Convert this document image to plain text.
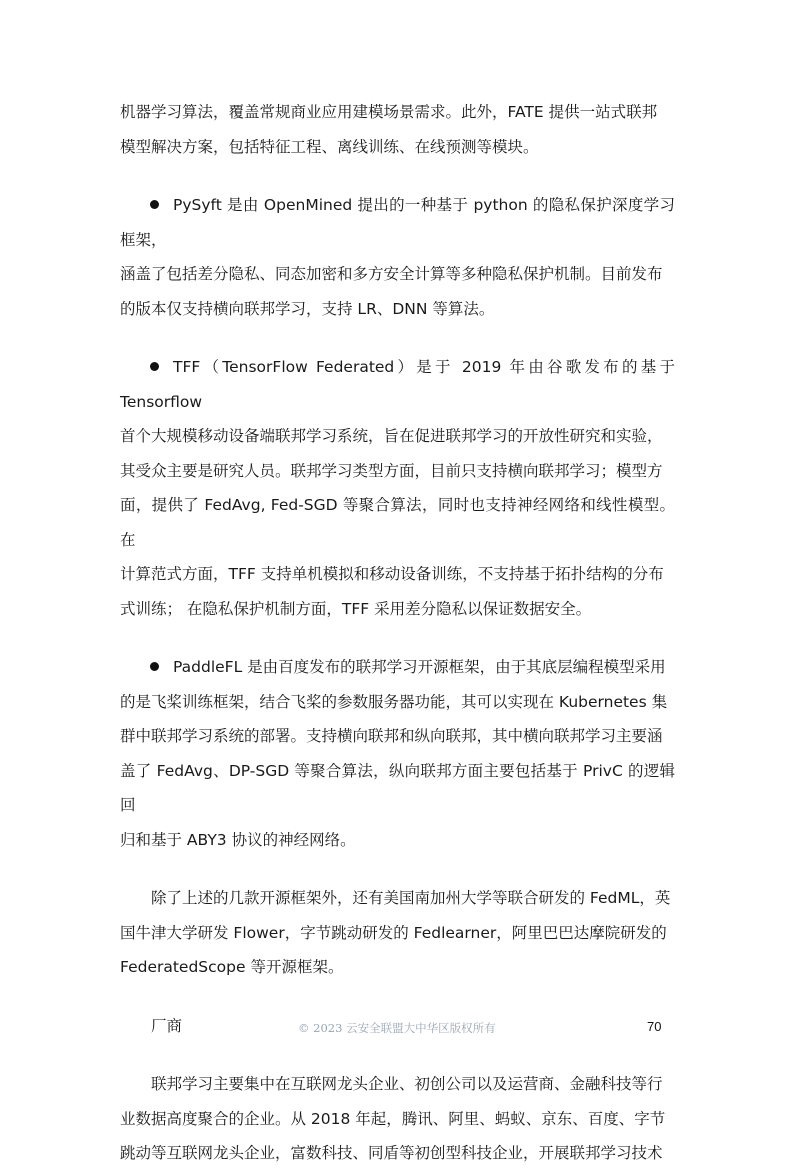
机器学习算法，覆盖常规商业应用建模场景需求。此外，FATE 提供一站式联邦
模型解决方案，包括特征工程、离线训练、在线预测等模块。

PySyft 是由 OpenMined 提出的一种基于 python 的隐私保护深度学习框架，

涵盖了包括差分隐私、同态加密和多方安全计算等多种隐私保护机制。目前发布
的版本仅支持横向联邦学习，支持 LR、DNN 等算法。

TFF（TensorFlow Federated）是于 2019 年由谷歌发布的基于 Tensorflow

首个大规模移动设备端联邦学习系统，旨在促进联邦学习的开放性研究和实验，
其受众主要是研究人员。联邦学习类型方面，目前只支持横向联邦学习；模型方
面，提供了 FedAvg, Fed-SGD 等聚合算法，同时也支持神经网络和线性模型。在
计算范式方面，TFF 支持单机模拟和移动设备训练，不支持基于拓扑结构的分布
式训练； 在隐私保护机制方面，TFF 采用差分隐私以保证数据安全。

PaddleFL 是由百度发布的联邦学习开源框架，由于其底层编程模型采用

的是飞桨训练框架，结合飞桨的参数服务器功能，其可以实现在 Kubernetes 集
群中联邦学习系统的部署。支持横向联邦和纵向联邦，其中横向联邦学习主要涵
盖了 FedAvg、DP-SGD 等聚合算法，纵向联邦方面主要包括基于 PrivC 的逻辑回
归和基于 ABY3 协议的神经网络。

除了上述的几款开源框架外，还有美国南加州大学等联合研发的 FedML，英

国牛津大学研发 Flower，字节跳动研发的 Fedlearner，阿里巴巴达摩院研发的
FederatedScope 等开源框架。

厂商

联邦学习主要集中在互联网龙头企业、初创公司以及运营商、金融科技等行

业数据高度聚合的企业。从 2018 年起，腾讯、阿里、蚂蚁、京东、百度、字节
跳动等互联网龙头企业，富数科技、同盾等初创型科技企业，开展联邦学习技术

© 2023 云安全联盟大中华区版权所有	70
